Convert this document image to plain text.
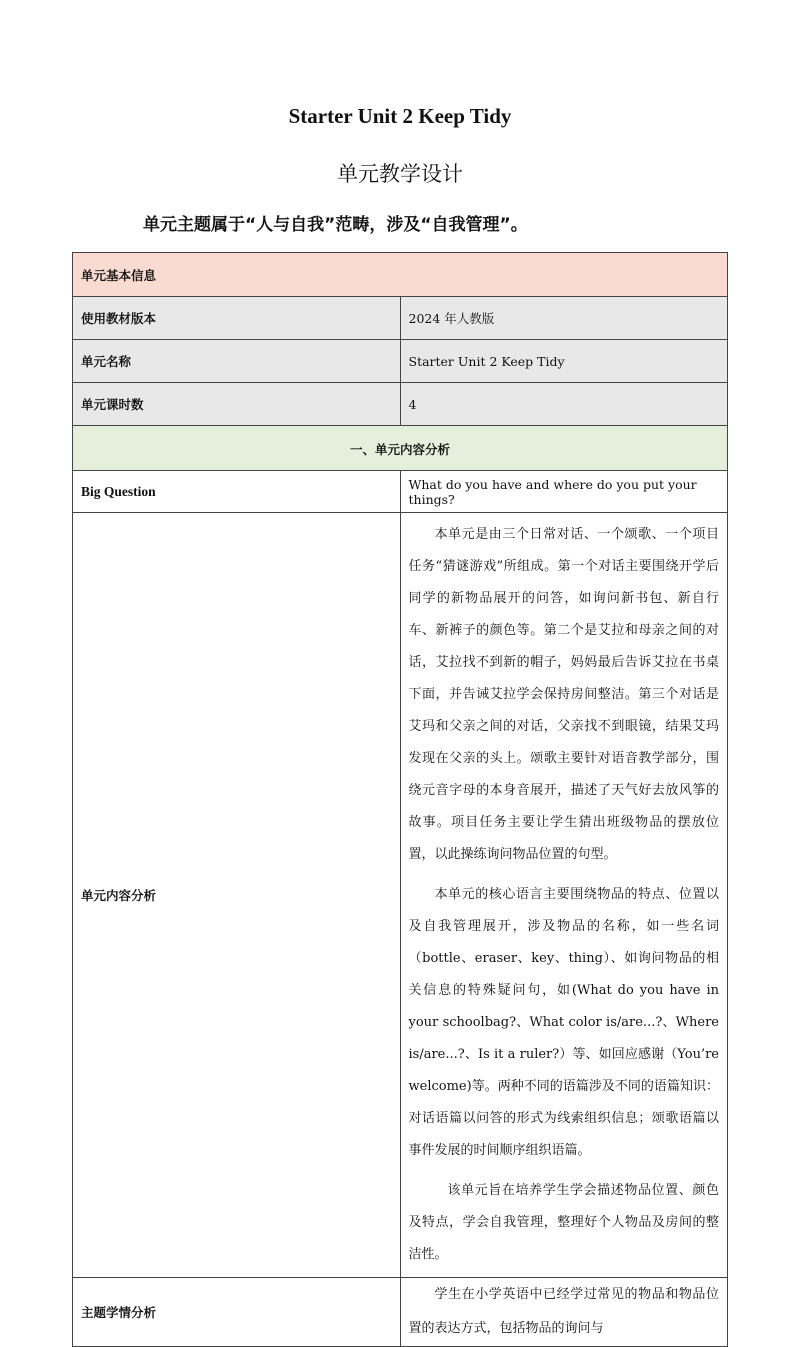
Starter Unit 2 Keep Tidy
单元教学设计
单元主题属于“人与自我”范畴，涉及“自我管理”。
单元基本信息	
使用教材版本	2024 年人教版
单元名称	Starter Unit 2 Keep Tidy
单元课时数	4
一、单元内容分析	
Big Question	What do you have and where do you put your things?
单元内容分析	本单元是由三个日常对话、一个颂歌、一个项目任务“猜谜游戏”所组成。第一个对话主要围绕开学后同学的新物品展开的问答，如询问新书包、新自行车、新裤子的颜色等。第二个是艾拉和母亲之间的对话，艾拉找不到新的帽子，妈妈最后告诉艾拉在书桌下面，并告诫艾拉学会保持房间整洁。第三个对话是艾玛和父亲之间的对话，父亲找不到眼镜，结果艾玛发现在父亲的头上。颂歌主要针对语音教学部分，围绕元音字母的本身音展开，描述了天气好去放风筝的故事。项目任务主要让学生猜出班级物品的摆放位置，以此操练询问物品位置的句型。

本单元的核心语言主要围绕物品的特点、位置以及自我管理展开，涉及物品的名称，如一些名词（bottle、eraser、key、thing）、如询问物品的相关信息的特殊疑问句，如(What do you have in your schoolbag?、What color is/are...?、Where is/are...?、Is it a ruler?）等、如回应感谢（You’re welcome)等。两种不同的语篇涉及不同的语篇知识：对话语篇以问答的形式为线索组织信息；颂歌语篇以事件发展的时间顺序组织语篇。

该单元旨在培养学生学会描述物品位置、颜色及特点，学会自我管理，整理好个人物品及房间的整洁性。

主题学情分析	学生在小学英语中已经学过常见的物品和物品位置的表达方式，包括物品的询问与
